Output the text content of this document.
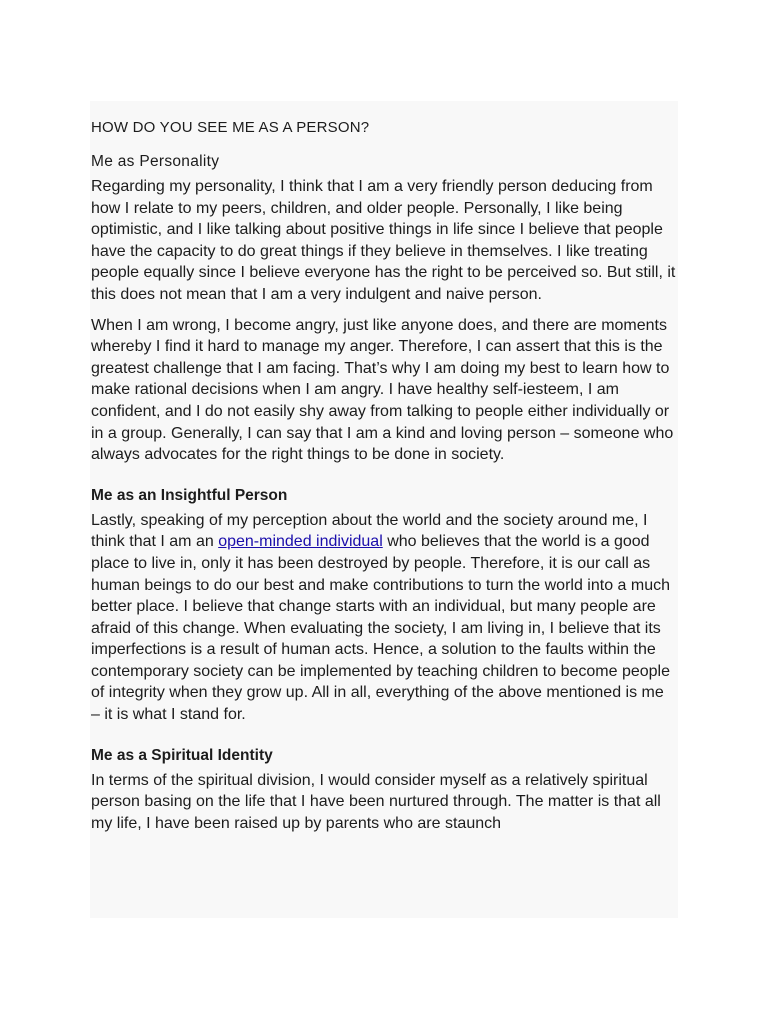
HOW DO YOU SEE ME AS A PERSON?
Me as Personality

Regarding my personality, I think that I am a very friendly person deducing from how I relate to my peers, children, and older people. Personally, I like being optimistic, and I like talking about positive things in life since I believe that people have the capacity to do great things if they believe in themselves. I like treating people equally since I believe everyone has the right to be perceived so. But still, it this does not mean that I am a very indulgent and naive person.

When I am wrong, I become angry, just like anyone does, and there are moments whereby I find it hard to manage my anger. Therefore, I can assert that this is the greatest challenge that I am facing. That’s why I am doing my best to learn how to make rational decisions when I am angry. I have healthy self-iesteem, I am confident, and I do not easily shy away from talking to people either individually or in a group. Generally, I can say that I am a kind and loving person – someone who always advocates for the right things to be done in society.

Me as an Insightful Person

Lastly, speaking of my perception about the world and the society around me, I think that I am an open-minded individual who believes that the world is a good place to live in, only it has been destroyed by people. Therefore, it is our call as human beings to do our best and make contributions to turn the world into a much better place. I believe that change starts with an individual, but many people are afraid of this change. When evaluating the society, I am living in, I believe that its imperfections is a result of human acts. Hence, a solution to the faults within the contemporary society can be implemented by teaching children to become people of integrity when they grow up. All in all, everything of the above mentioned is me – it is what I stand for.

Me as a Spiritual Identity

In terms of the spiritual division, I would consider myself as a relatively spiritual person basing on the life that I have been nurtured through. The matter is that all my life, I have been raised up by parents who are staunch
